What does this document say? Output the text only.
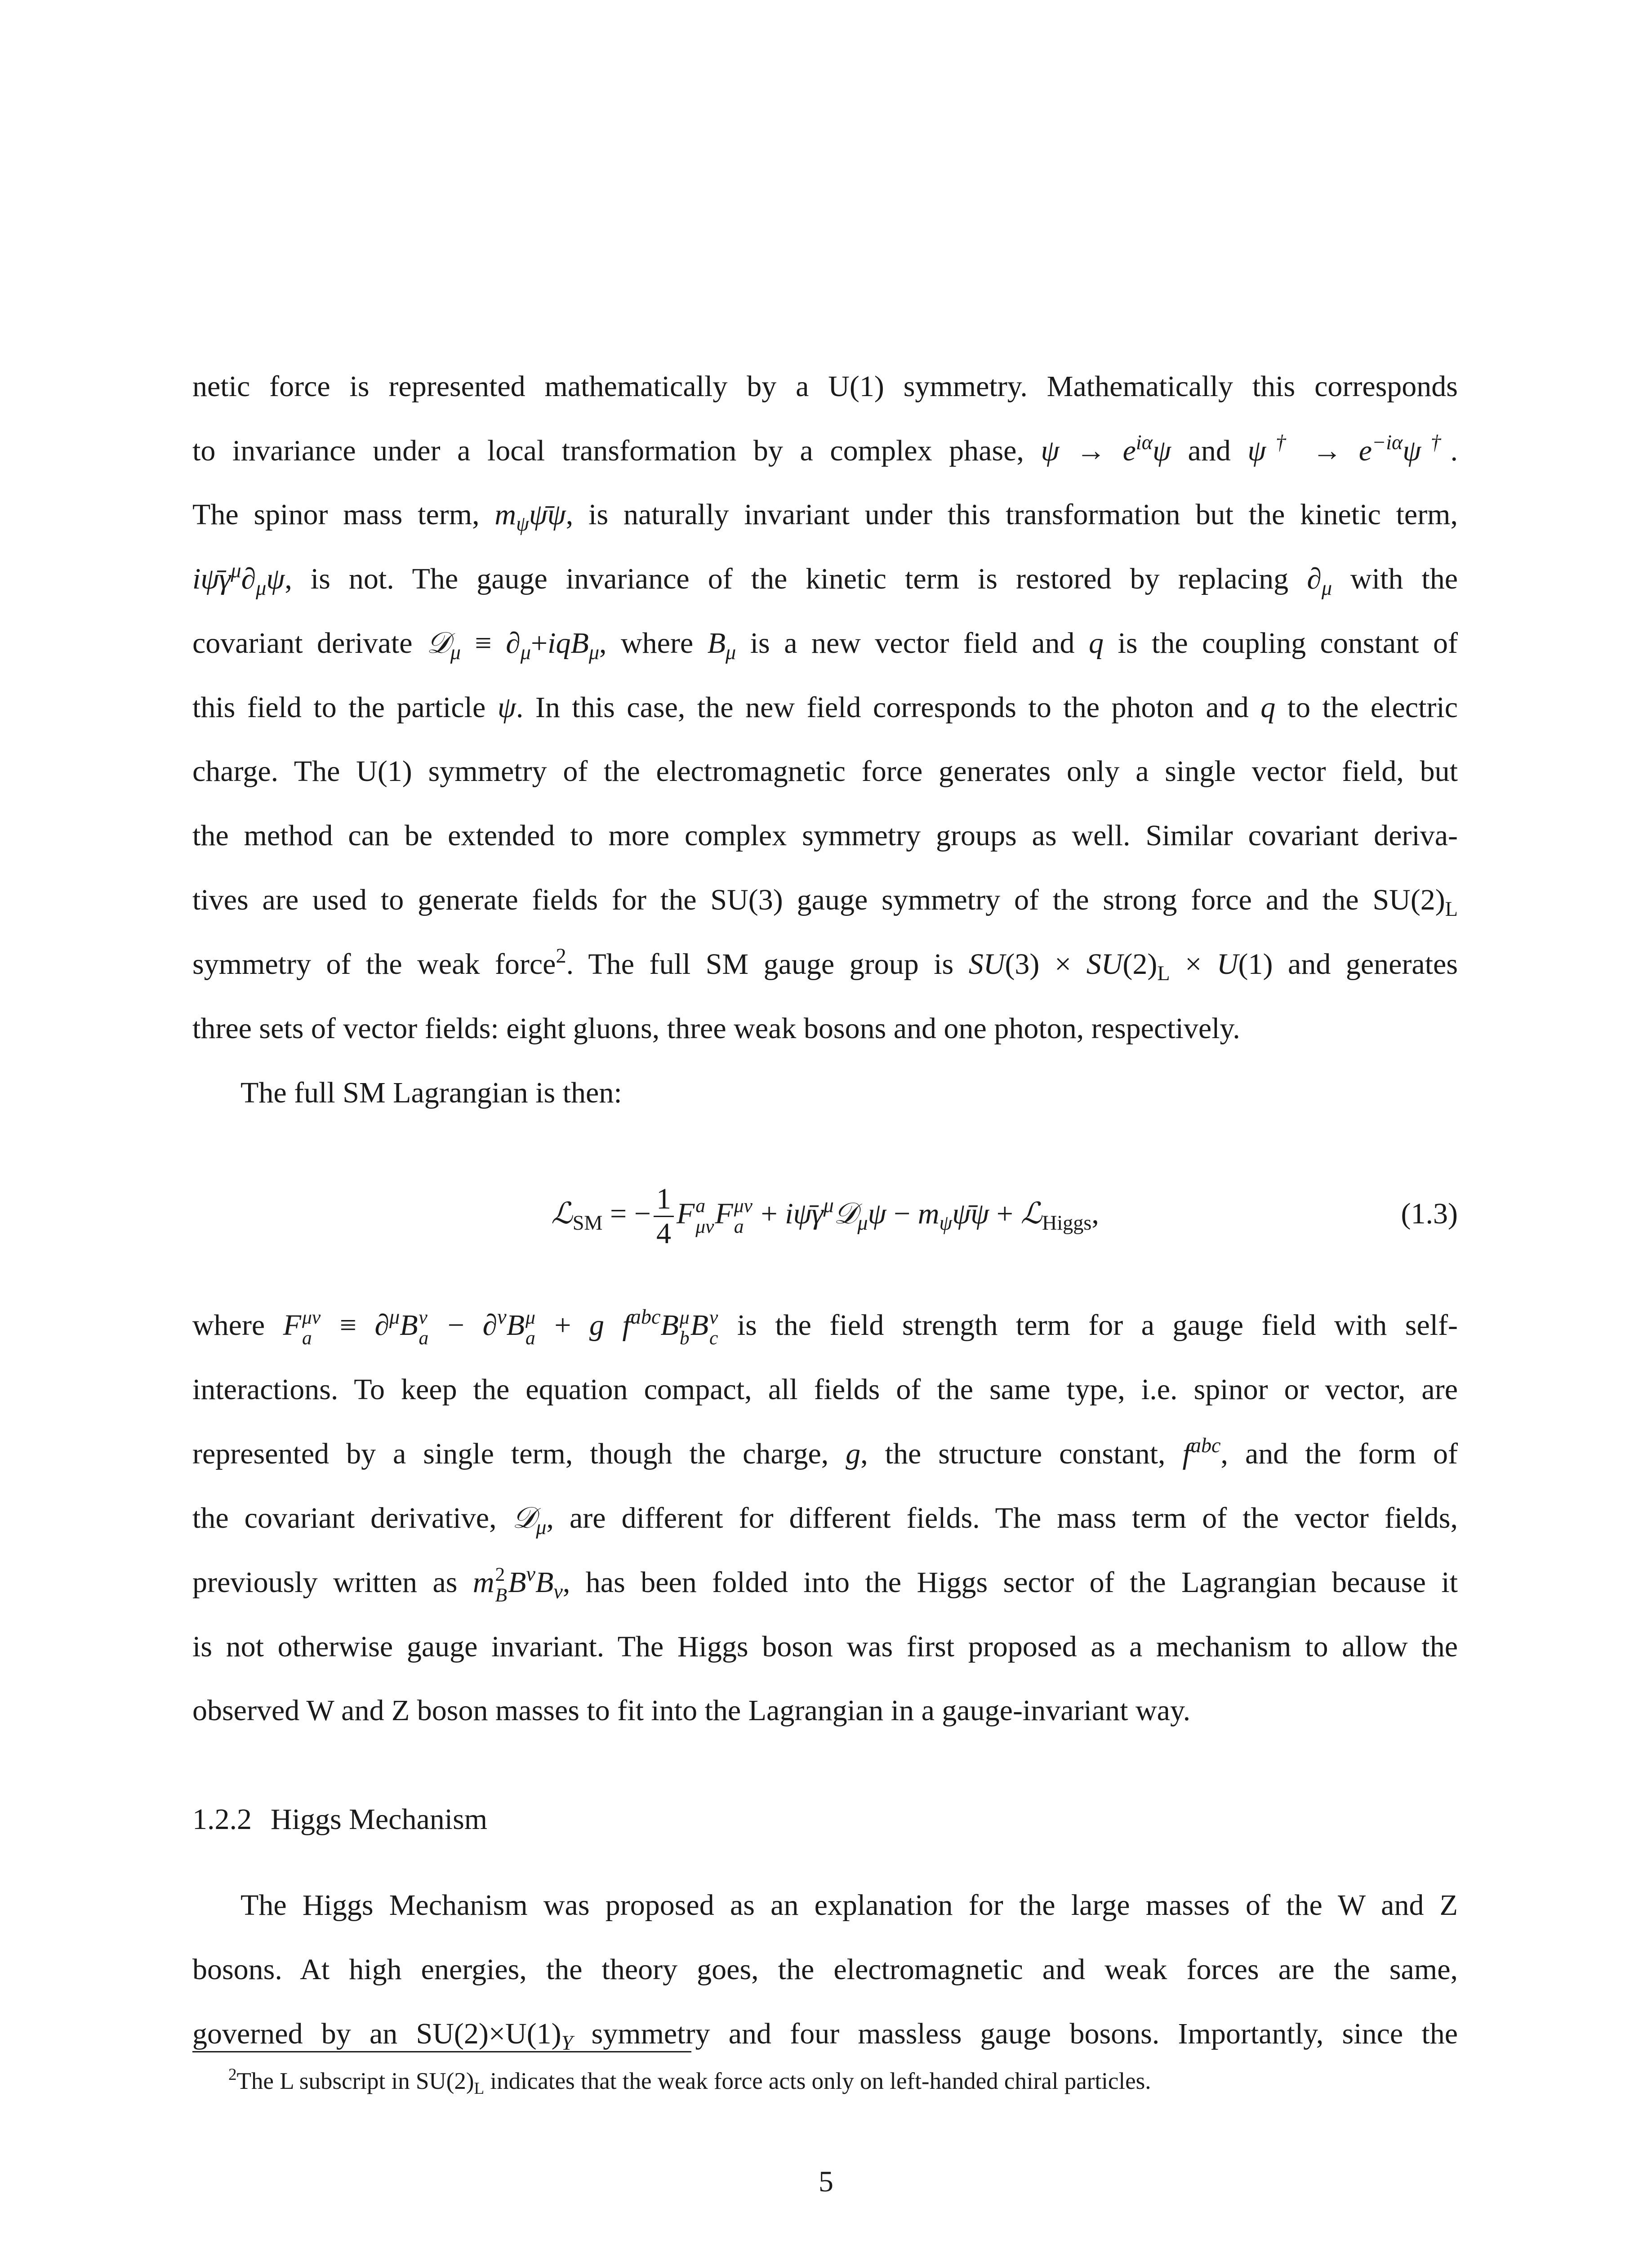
netic force is represented mathematically by a U(1) symmetry. Mathematically this corresponds
to invariance under a local transformation by a complex phase, $\psi \to e^{i\alpha}\psi$ and $\psi^\dagger \to e^{-i\alpha}\psi^\dagger$.
The spinor mass term, $m_\psi\psī\psi$, is naturally invariant under this transformation but the kinetic term,
$i\psī\gamma^\mu\partial_\mu\psi$, is not. The gauge invariance of the kinetic term is restored by replacing $\partial_\mu$ with the
covariant derivate 𝒟$_\mu$ ≡ $\partial_\mu+iqB_\mu$, where $B_\mu$ is a new vector field and q is the coupling constant of
this field to the particle ψ. In this case, the new field corresponds to the photon and q to the electric
charge. The U(1) symmetry of the electromagnetic force generates only a single vector field, but
the method can be extended to more complex symmetry groups as well. Similar covariant deriva-
tives are used to generate fields for the SU(3) gauge symmetry of the strong force and the $SU(2)_L$
symmetry of the weak force$^2$. The full SM gauge group is $SU(3) \times SU(2)_L \times U(1)$ and generates
three sets of vector fields: eight gluons, three weak bosons and one photon, respectively.
The full SM Lagrangian is then:
ℒ$_{SM}$ = − $\frac{1}{4}$ F a
μν F μν
$a + i\psī\gamma^\mu 𝒟_\mu\psi$ − $m_\psi\psī\psi$ + ℒ$_{Higgs}$,	(1.3)
where F μν
a ≡ ∂$^\mu$B ν
a − ∂$^\nu$B μ
a + g $f^{abc}B$ μ
b B ν
c is the field strength term for a gauge field with self-
interactions. To keep the equation compact, all fields of the same type, i.e. spinor or vector, are
represented by a single term, though the charge, g, the structure constant, $f^{abc}$, and the form of
the covariant derivative, 𝒟$_\mu$, are different for different fields. The mass term of the vector fields,
previously written as m 2
B $B^\nu B_\nu$, has been folded into the Higgs sector of the Lagrangian because it
is not otherwise gauge invariant. The Higgs boson was first proposed as a mechanism to allow the
observed W and Z boson masses to fit into the Lagrangian in a gauge-invariant way.
1.2.2 Higgs Mechanism
The Higgs Mechanism was proposed as an explanation for the large masses of the W and Z
bosons. At high energies, the theory goes, the electromagnetic and weak forces are the same,
governed by an $SU(2)\times U(1)_Y$ symmetry and four massless gauge bosons. Importantly, since the
$^2$The L subscript in $SU(2)_L$ indicates that the weak force acts only on left-handed chiral particles.
5
